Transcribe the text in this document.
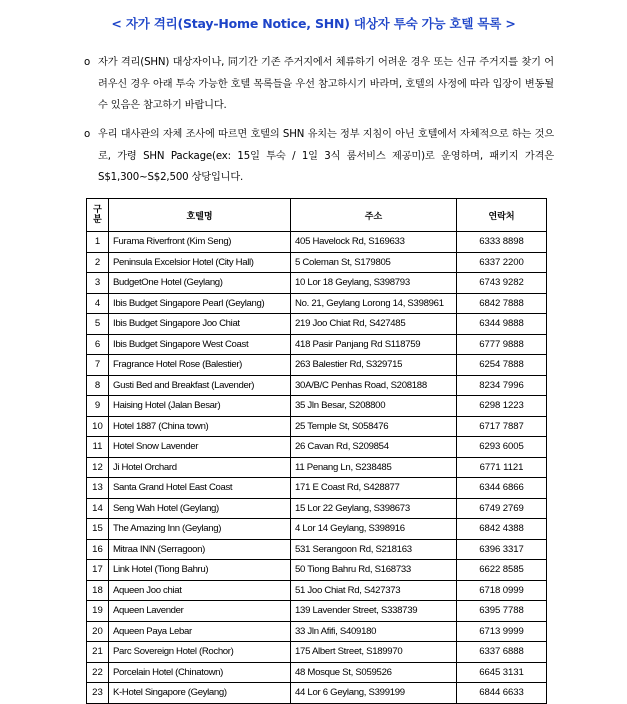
< 자가 격리(Stay-Home Notice, SHN) 대상자 투숙 가능 호텔 목록 >
o 자가 격리(SHN) 대상자이나, 同기간 기존 주거지에서 체류하기 어려운 경우 또는 신규 주거지를 찾기 어려우신 경우 아래 투숙 가능한 호텔 목록들을 우선 참고하시기 바라며, 호텔의 사정에 따라 입장이 변동될 수 있음은 참고하기 바랍니다.
o 우리 대사관의 자체 조사에 따르면 호텔의 SHN 유치는 정부 지침이 아닌 호텔에서 자체적으로 하는 것으로, 가령 SHN Package(ex: 15일 투숙 / 1일 3식 룸서비스 제공미)로 운영하며, 패키지 가격은 S$1,300~S$2,500 상당입니다.
구
분	호텔명	주소	연락처
1	Furama Riverfront (Kim Seng)	405 Havelock Rd, S169633	6333 8898
2	Peninsula Excelsior Hotel (City Hall)	5 Coleman St, S179805	6337 2200
3	BudgetOne Hotel (Geylang)	10 Lor 18 Geylang, S398793	6743 9282
4	Ibis Budget Singapore Pearl (Geylang)	No. 21, Geylang Lorong 14, S398961	6842 7888
5	Ibis Budget Singapore Joo Chiat	219 Joo Chiat Rd, S427485	6344 9888
6	Ibis Budget Singapore West Coast	418 Pasir Panjang Rd S118759	6777 9888
7	Fragrance Hotel Rose (Balestier)	263 Balestier Rd, S329715	6254 7888
8	Gusti Bed and Breakfast (Lavender)	30A/B/C Penhas Road, S208188	8234 7996
9	Haising Hotel (Jalan Besar)	35 Jln Besar, S208800	6298 1223
10	Hotel 1887 (China town)	25 Temple St, S058476	6717 7887
11	Hotel Snow Lavender	26 Cavan Rd, S209854	6293 6005
12	Ji Hotel Orchard	11 Penang Ln, S238485	6771 1121
13	Santa Grand Hotel East Coast	171 E Coast Rd, S428877	6344 6866
14	Seng Wah Hotel (Geylang)	15 Lor 22 Geylang, S398673	6749 2769
15	The Amazing Inn (Geylang)	4 Lor 14 Geylang, S398916	6842 4388
16	Mitraa INN (Serragoon)	531 Serangoon Rd, S218163	6396 3317
17	Link Hotel (Tiong Bahru)	50 Tiong Bahru Rd, S168733	6622 8585
18	Aqueen Joo chiat	51 Joo Chiat Rd, S427373	6718 0999
19	Aqueen Lavender	139 Lavender Street, S338739	6395 7788
20	Aqueen Paya Lebar	33 Jln Afifi, S409180	6713 9999
21	Parc Sovereign Hotel (Rochor)	175 Albert Street, S189970	6337 6888
22	Porcelain Hotel (Chinatown)	48 Mosque St, S059526	6645 3131
23	K-Hotel Singapore (Geylang)	44 Lor 6 Geylang, S399199	6844 6633
